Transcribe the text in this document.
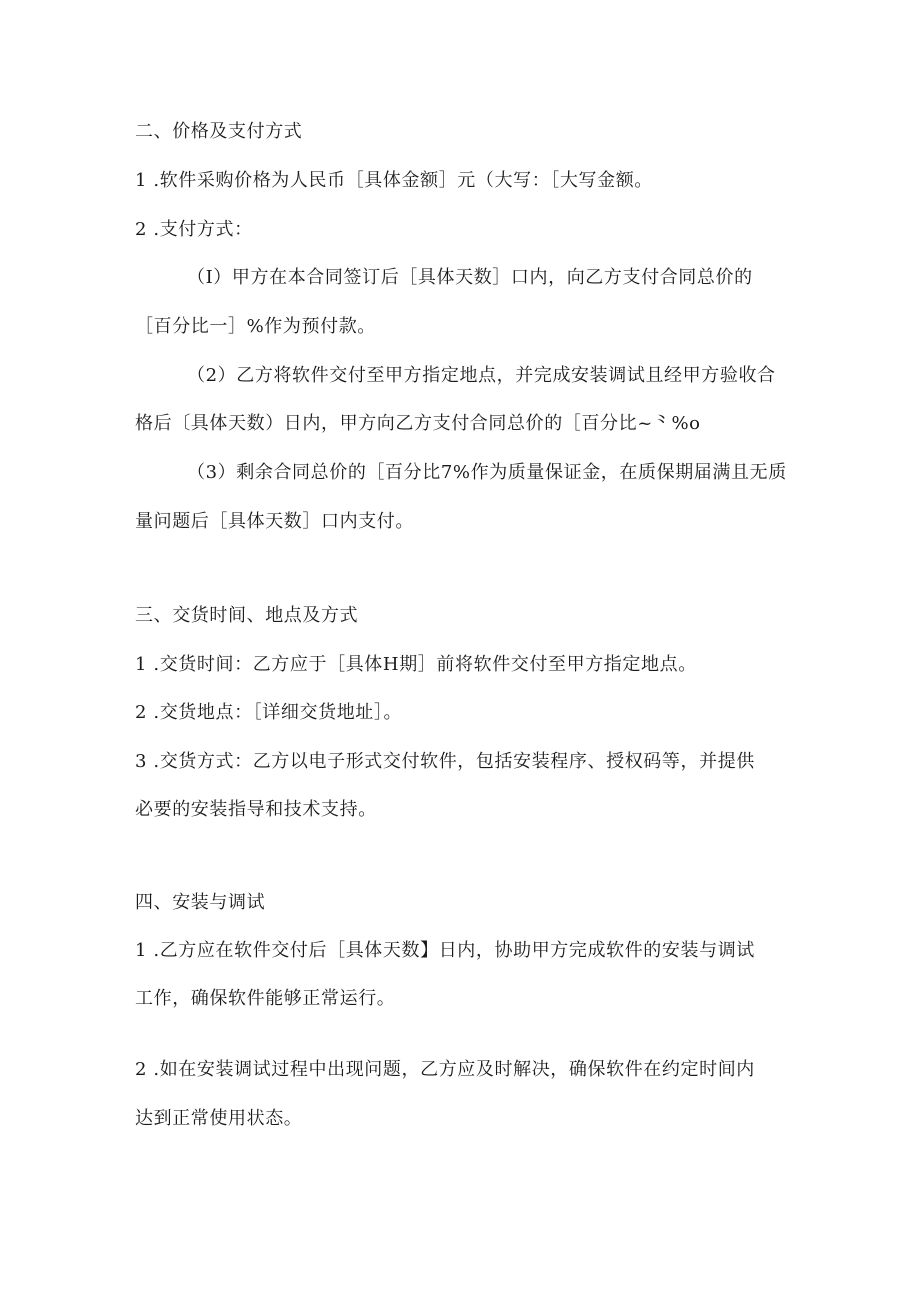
二、价格及支付方式
1 .软件采购价格为人民币［具体金额］元（大写：［大写金额。
2 .支付方式：
（I）甲方在本合同签订后［具体天数］口内，向乙方支付合同总价的
［百分比一］%作为预付款。
（2）乙方将软件交付至甲方指定地点，并完成安装调试且经甲方验收合
格后〔具体天数）日内，甲方向乙方支付合同总价的［百分比~⺀%o
（3）剩余合同总价的［百分比7%作为质量保证金，在质保期届满且无质
量问题后［具体天数］口内支付。
三、交货时间、地点及方式
1 .交货时间：乙方应于［具体H期］前将软件交付至甲方指定地点。
2 .交货地点：［详细交货地址］。
3 .交货方式：乙方以电子形式交付软件，包括安装程序、授权码等，并提供
必要的安装指导和技术支持。
四、安装与调试
1 .乙方应在软件交付后［具体天数】日内，协助甲方完成软件的安装与调试
工作，确保软件能够正常运行。
2 .如在安装调试过程中出现问题，乙方应及时解决，确保软件在约定时间内
达到正常使用状态。
